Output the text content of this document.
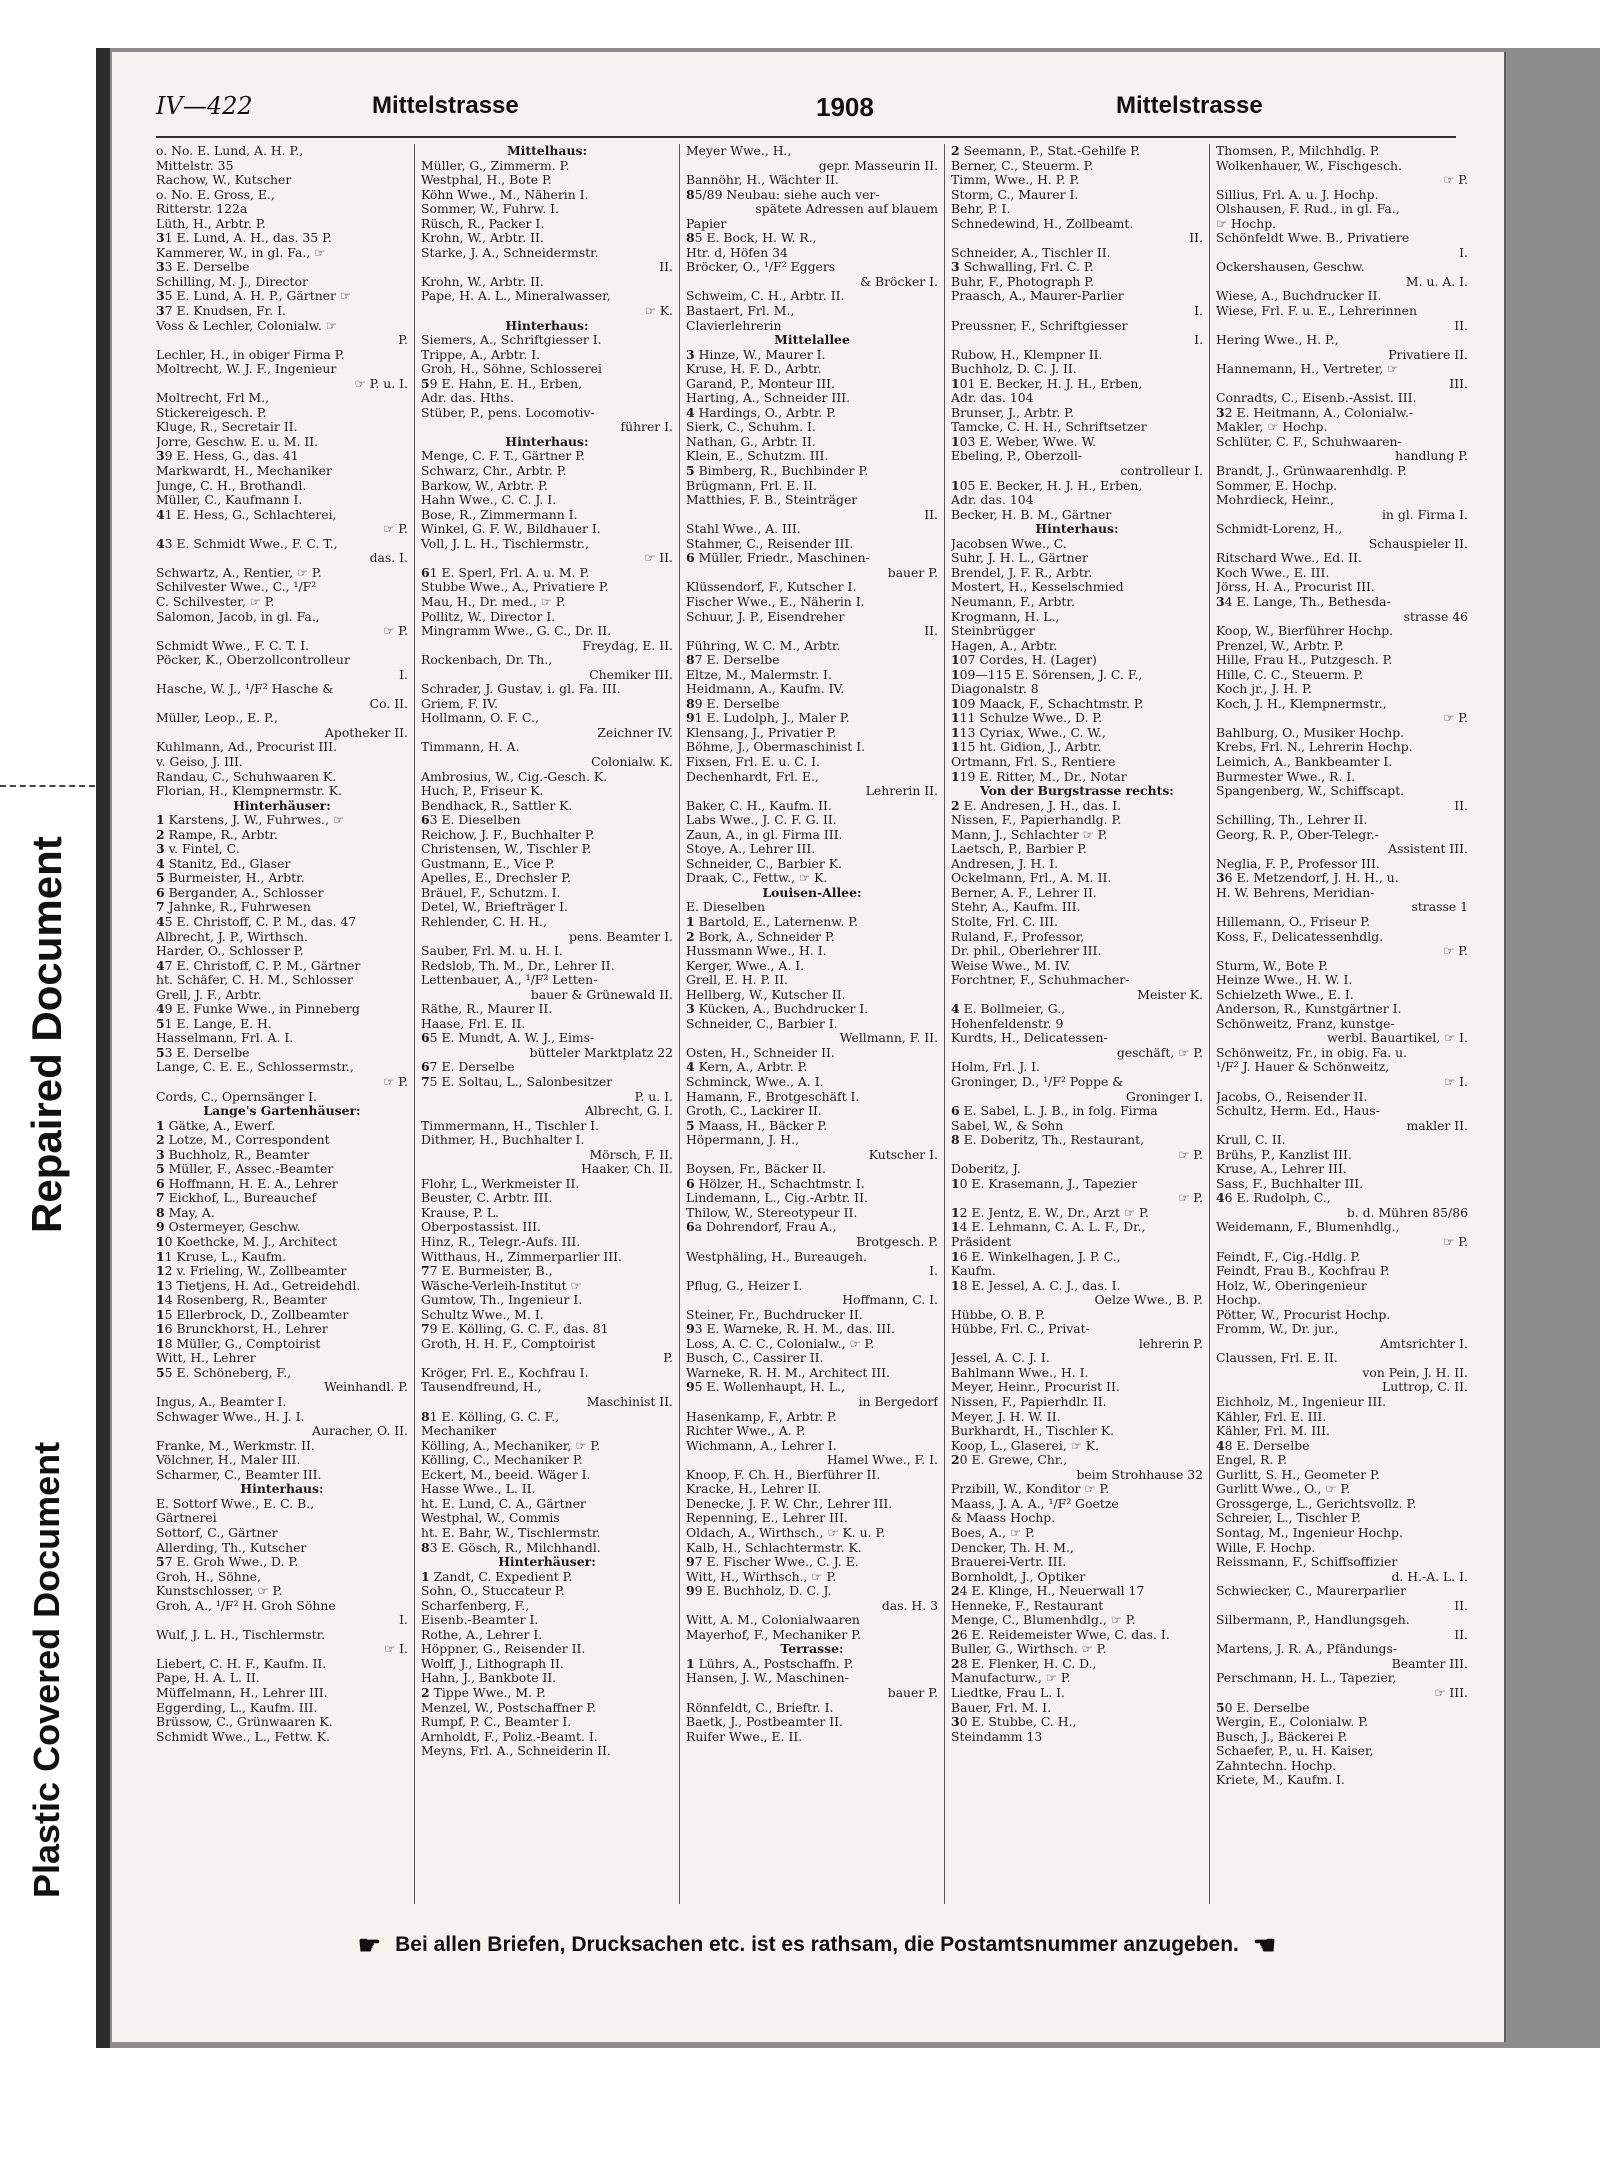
Repaired Document
Plastic Covered Document
IV—422	Mittelstrasse	1908	Mittelstrasse
o. No. E. Lund, A. H. P.,
Mittelstr. 35
Rachow, W., Kutscher
o. No. E. Gross, E.,
Ritterstr. 122a
Lüth, H., Arbtr. P.
31 E. Lund, A. H., das. 35 P.
Kammerer, W., in gl. Fa., ☞
33 E. Derselbe
Schilling, M. J., Director
35 E. Lund, A. H. P., Gärtner ☞
37 E. Knudsen, Fr. I.
Voss & Lechler, Colonialw. ☞
P.
Lechler, H., in obiger Firma P.
Moltrecht, W. J. F., Ingenieur
☞ P. u. I.
Moltrecht, Frl M.,
Stickereigesch. P.
Kluge, R., Secretair II.
Jorre, Geschw. E. u. M. II.
39 E. Hess, G., das. 41
Markwardt, H., Mechaniker
Junge, C. H., Brothandl.
Müller, C., Kaufmann I.
41 E. Hess, G., Schlachterei,
☞ P.
43 E. Schmidt Wwe., F. C. T.,
das. I.
Schwartz, A., Rentier, ☞ P.
Schilvester Wwe., C., ¹/F²
C. Schilvester, ☞ P.
Salomon, Jacob, in gl. Fa.,
☞ P.
Schmidt Wwe., F. C. T. I.
Pöcker, K., Oberzollcontrolleur
I.
Hasche, W. J., ¹/F² Hasche &
Co. II.
Müller, Leop., E. P.,
Apotheker II.
Kuhlmann, Ad., Procurist III.
v. Geiso, J. III.
Randau, C., Schuhwaaren K.
Florian, H., Klempnermstr. K.
Hinterhäuser:
1 Karstens, J. W., Fuhrwes., ☞
2 Rampe, R., Arbtr.
3 v. Fintel, C.
4 Stanitz, Ed., Glaser
5 Burmeister, H., Arbtr.
6 Bergander, A., Schlosser
7 Jahnke, R., Fuhrwesen
45 E. Christoff, C. P. M., das. 47
Albrecht, J. P., Wirthsch.
Harder, O., Schlosser P.
47 E. Christoff, C. P. M., Gärtner
ht. Schäfer, C. H. M., Schlosser
Grell, J. F., Arbtr.
49 E. Funke Wwe., in Pinneberg
51 E. Lange, E. H.
Hasselmann, Frl. A. I.
53 E. Derselbe
Lange, C. E. E., Schlossermstr.,
☞ P.
Cords, C., Opernsänger I.
Lange's Gartenhäuser:
1 Gätke, A., Ewerf.
2 Lotze, M., Correspondent
3 Buchholz, R., Beamter
5 Müller, F., Assec.-Beamter
6 Hoffmann, H. E. A., Lehrer
7 Eickhof, L., Bureauchef
8 May, A.
9 Ostermeyer, Geschw.
10 Koethcke, M. J., Architect
11 Kruse, L., Kaufm.
12 v. Frieling, W., Zollbeamter
13 Tietjens, H. Ad., Getreidehdl.
14 Rosenberg, R., Beamter
15 Ellerbrock, D., Zollbeamter
16 Brunckhorst, H., Lehrer
18 Müller, G., Comptoirist
Witt, H., Lehrer
55 E. Schöneberg, F.,
Weinhandl. P.
Ingus, A., Beamter I.
Schwager Wwe., H. J. I.
Auracher, O. II.
Franke, M., Werkmstr. II.
Völchner, H., Maler III.
Scharmer, C., Beamter III.
Hinterhaus:
E. Sottorf Wwe., E. C. B.,
Gärtnerei
Sottorf, C., Gärtner
Allerding, Th., Kutscher
57 E. Groh Wwe., D. P.
Groh, H., Söhne,
Kunstschlosser, ☞ P.
Groh, A., ¹/F² H. Groh Söhne
I.
Wulf, J. L. H., Tischlermstr.
☞ I.
Liebert, C. H. F., Kaufm. II.
Pape, H. A. L. II.
Müffelmann, H., Lehrer III.
Eggerding, L., Kaufm. III.
Brüssow, C., Grünwaaren K.
Schmidt Wwe., L., Fettw. K.
Mittelhaus:
Müller, G., Zimmerm. P.
Westphal, H., Bote P.
Köhn Wwe., M., Näherin I.
Sommer, W., Fuhrw. I.
Rüsch, R., Packer I.
Krohn, W., Arbtr. II.
Starke, J. A., Schneidermstr.
II.
Krohn, W., Arbtr. II.
Pape, H. A. L., Mineralwasser,
☞ K.
Hinterhaus:
Siemers, A., Schriftgiesser I.
Trippe, A., Arbtr. I.
Groh, H., Söhne, Schlosserei
59 E. Hahn, E. H., Erben,
Adr. das. Hths.
Stüber, P., pens. Locomotiv-
führer I.
Hinterhaus:
Menge, C. F. T., Gärtner P.
Schwarz, Chr., Arbtr. P.
Barkow, W., Arbtr. P.
Hahn Wwe., C. C. J. I.
Bose, R., Zimmermann I.
Winkel, G. F. W., Bildhauer I.
Voll, J. L. H., Tischlermstr.,
☞ II.
61 E. Sperl, Frl. A. u. M. P.
Stubbe Wwe., A., Privatiere P.
Mau, H., Dr. med., ☞ P.
Pollitz, W., Director I.
Mingramm Wwe., G. C., Dr. II.
Freydag, E. II.
Rockenbach, Dr. Th.,
Chemiker III.
Schrader, J. Gustav, i. gl. Fa. III.
Griem, F. IV.
Hollmann, O. F. C.,
Zeichner IV.
Timmann, H. A.
Colonialw. K.
Ambrosius, W., Cig.-Gesch. K.
Huch, P., Friseur K.
Bendhack, R., Sattler K.
63 E. Dieselben
Reichow, J. F., Buchhalter P.
Christensen, W., Tischler P.
Gustmann, E., Vice P.
Apelles, E., Drechsler P.
Bräuel, F., Schutzm. I.
Detel, W., Briefträger I.
Rehlender, C. H. H.,
pens. Beamter I.
Sauber, Frl. M. u. H. I.
Redslob, Th. M., Dr., Lehrer II.
Lettenbauer, A., ¹/F² Letten-
bauer & Grünewald II.
Räthe, R., Maurer II.
Haase, Frl. E. II.
65 E. Mundt, A. W. J., Eims-
bütteler Marktplatz 22
67 E. Derselbe
75 E. Soltau, L., Salonbesitzer
P. u. I.
Albrecht, G. I.
Timmermann, H., Tischler I.
Dithmer, H., Buchhalter I.
Mörsch, F. II.
Haaker, Ch. II.
Flohr, L., Werkmeister II.
Beuster, C. Arbtr. III.
Krause, P. L.
Oberpostassist. III.
Hinz, R., Telegr.-Aufs. III.
Witthaus, H., Zimmerparlier III.
77 E. Burmeister, B.,
Wäsche-Verleih-Institut ☞
Gumtow, Th., Ingenieur I.
Schultz Wwe., M. I.
79 E. Kölling, G. C. F., das. 81
Groth, H. H. F., Comptoirist
P.
Kröger, Frl. E., Kochfrau I.
Tausendfreund, H.,
Maschinist II.
81 E. Kölling, G. C. F.,
Mechaniker
Kölling, A., Mechaniker, ☞ P.
Kölling, C., Mechaniker P.
Eckert, M., beeid. Wäger I.
Hasse Wwe., L. II.
ht. E. Lund, C. A., Gärtner
Westphal, W., Commis
ht. E. Bahr, W., Tischlermstr.
83 E. Gösch, R., Milchhandl.
Hinterhäuser:
1 Zandt, C. Expedient P.
Sohn, O., Stuccateur P.
Scharfenberg, F.,
Eisenb.-Beamter I.
Rothe, A., Lehrer I.
Höppner, G., Reisender II.
Wolff, J., Lithograph II.
Hahn, J., Bankbote II.
2 Tippe Wwe., M. P.
Menzel, W., Postschaffner P.
Rumpf, P. C., Beamter I.
Arnholdt, F., Poliz.-Beamt. I.
Meyns, Frl. A., Schneiderin II.
Meyer Wwe., H.,
gepr. Masseurin II.
Bannöhr, H., Wächter II.
85/89 Neubau: siehe auch ver-
spätete Adressen auf blauem
Papier
85 E. Bock, H. W. R.,
Htr. d, Höfen 34
Bröcker, O., ¹/F² Eggers
& Bröcker I.
Schweim, C. H., Arbtr. II.
Bastaert, Frl. M.,
Clavierlehrerin
Mittelallee
3 Hinze, W., Maurer I.
Kruse, H. F. D., Arbtr.
Garand, P., Monteur III.
Harting, A., Schneider III.
4 Hardings, O., Arbtr. P.
Sierk, C., Schuhm. I.
Nathan, G., Arbtr. II.
Klein, E., Schutzm. III.
5 Bimberg, R., Buchbinder P.
Brügmann, Frl. E. II.
Matthies, F. B., Steinträger
II.
Stahl Wwe., A. III.
Stahmer, C., Reisender III.
6 Müller, Friedr., Maschinen-
bauer P.
Klüssendorf, F., Kutscher I.
Fischer Wwe., E., Näherin I.
Schuur, J. P., Eisendreher
II.
Führing, W. C. M., Arbtr.
87 E. Derselbe
Eltze, M., Malermstr. I.
Heidmann, A., Kaufm. IV.
89 E. Derselbe
91 E. Ludolph, J., Maler P.
Klensang, J., Privatier P.
Böhme, J., Obermaschinist I.
Fixsen, Frl. E. u. C. I.
Dechenhardt, Frl. E.,
Lehrerin II.
Baker, C. H., Kaufm. II.
Labs Wwe., J. C. F. G. II.
Zaun, A., in gl. Firma III.
Stoye, A., Lehrer III.
Schneider, C., Barbier K.
Draak, C., Fettw., ☞ K.
Louisen-Allee:
E. Dieselben
1 Bartold, E., Laternenw. P.
2 Bork, A., Schneider P.
Hussmann Wwe., H. I.
Kerger, Wwe., A. I.
Grell, E. H. P. II.
Hellberg, W., Kutscher II.
3 Kücken, A., Buchdrucker I.
Schneider, C., Barbier I.
Wellmann, F. II.
Osten, H., Schneider II.
4 Kern, A., Arbtr. P.
Schminck, Wwe., A. I.
Hamann, F., Brotgeschäft I.
Groth, C., Lackirer II.
5 Maass, H., Bäcker P.
Höpermann, J. H.,
Kutscher I.
Boysen, Fr., Bäcker II.
6 Hölzer, H., Schachtmstr. I.
Lindemann, L., Cig.-Arbtr. II.
Thilow, W., Stereotypeur II.
6a Dohrendorf, Frau A.,
Brotgesch. P.
Westphäling, H., Bureaugeh.
I.
Pflug, G., Heizer I.
Hoffmann, C. I.
Steiner, Fr., Buchdrucker II.
93 E. Warneke, R. H. M., das. III.
Loss, A. C. C., Colonialw., ☞ P.
Busch, C., Cassirer II.
Warneke, R. H. M., Architect III.
95 E. Wollenhaupt, H. L.,
in Bergedorf
Hasenkamp, F., Arbtr. P.
Richter Wwe., A. P.
Wichmann, A., Lehrer I.
Hamel Wwe., F. I.
Knoop, F. Ch. H., Bierführer II.
Kracke, H., Lehrer II.
Denecke, J. F. W. Chr., Lehrer III.
Repenning, E., Lehrer III.
Oldach, A., Wirthsch., ☞ K. u. P.
Kalb, H., Schlachtermstr. K.
97 E. Fischer Wwe., C. J. E.
Witt, H., Wirthsch., ☞ P.
99 E. Buchholz, D. C. J.
das. H. 3
Witt, A. M., Colonialwaaren
Mayerhof, F., Mechaniker P.
Terrasse:
1 Lührs, A., Postschaffn. P.
Hansen, J. W., Maschinen-
bauer P.
Rönnfeldt, C., Brieftr. I.
Baetk, J., Postbeamter II.
Ruifer Wwe., E. II.
2 Seemann, P., Stat.-Gehilfe P.
Berner, C., Steuerm. P.
Timm, Wwe., H. P. P.
Storm, C., Maurer I.
Behr, P. I.
Schnedewind, H., Zollbeamt.
II.
Schneider, A., Tischler II.
3 Schwalling, Frl. C. P.
Buhr, F., Photograph P.
Praasch, A., Maurer-Parlier
I.
Preussner, F., Schriftgiesser
I.
Rubow, H., Klempner II.
Buchholz, D. C. J. II.
101 E. Becker, H. J. H., Erben,
Adr. das. 104
Brunser, J., Arbtr. P.
Tamcke, C. H. H., Schriftsetzer
103 E. Weber, Wwe. W.
Ebeling, P., Oberzoll-
controlleur I.
105 E. Becker, H. J. H., Erben,
Adr. das. 104
Becker, H. B. M., Gärtner
Hinterhaus:
Jacobsen Wwe., C.
Suhr, J. H. L., Gärtner
Brendel, J. F. R., Arbtr.
Mostert, H., Kesselschmied
Neumann, F., Arbtr.
Krogmann, H. L.,
Steinbrügger
Hagen, A., Arbtr.
107 Cordes, H. (Lager)
109—115 E. Sörensen, J. C. F.,
Diagonalstr. 8
109 Maack, F., Schachtmstr. P.
111 Schulze Wwe., D. P.
113 Cyriax, Wwe., C. W.,
115 ht. Gidion, J., Arbtr.
Ortmann, Frl. S., Rentiere
119 E. Ritter, M., Dr., Notar
Von der Burgstrasse rechts:
2 E. Andresen, J. H., das. I.
Nissen, F., Papierhandlg. P.
Mann, J., Schlachter ☞ P.
Laetsch, P., Barbier P.
Andresen, J. H. I.
Ockelmann, Frl., A. M. II.
Berner, A. F., Lehrer II.
Stehr, A., Kaufm. III.
Stolte, Frl. C. III.
Ruland, F., Professor,
Dr. phil., Oberlehrer III.
Weise Wwe., M. IV.
Forchtner, F., Schuhmacher-
Meister K.
4 E. Bollmeier, G.,
Hohenfeldenstr. 9
Kurdts, H., Delicatessen-
geschäft, ☞ P.
Holm, Frl. J. I.
Groninger, D., ¹/F² Poppe &
Groninger I.
6 E. Sabel, L. J. B., in folg. Firma
Sabel, W., & Sohn
8 E. Doberitz, Th., Restaurant,
☞ P.
Doberitz, J.
10 E. Krasemann, J., Tapezier
☞ P.
12 E. Jentz, E. W., Dr., Arzt ☞ P.
14 E. Lehmann, C. A. L. F., Dr.,
Präsident
16 E. Winkelhagen, J. P. C.,
Kaufm.
18 E. Jessel, A. C. J., das. I.
Oelze Wwe., B. P.
Hübbe, O. B. P.
Hübbe, Frl. C., Privat-
lehrerin P.
Jessel, A. C. J. I.
Bahlmann Wwe., H. I.
Meyer, Heinr., Procurist II.
Nissen, F., Papierhdlr. II.
Meyer, J. H. W. II.
Burkhardt, H., Tischler K.
Koop, L., Glaserei, ☞ K.
20 E. Grewe, Chr.,
beim Strohhause 32
Przibill, W., Konditor ☞ P.
Maass, J. A. A., ¹/F² Goetze
& Maass Hochp.
Boes, A., ☞ P.
Dencker, Th. H. M.,
Brauerei-Vertr. III.
Bornholdt, J., Optiker
24 E. Klinge, H., Neuerwall 17
Henneke, F., Restaurant
Menge, C., Blumenhdlg., ☞ P.
26 E. Reidemeister Wwe, C. das. I.
Buller, G., Wirthsch. ☞ P.
28 E. Flenker, H. C. D.,
Manufacturw., ☞ P.
Liedtke, Frau L. I.
Bauer, Frl. M. I.
30 E. Stubbe, C. H.,
Steindamm 13
Thomsen, P., Milchhdlg. P.
Wolkenhauer, W., Fischgesch.
☞ P.
Sillius, Frl. A. u. J. Hochp.
Olshausen, F. Rud., in gl. Fa.,
☞ Hochp.
Schönfeldt Wwe. B., Privatiere
I.
Ockershausen, Geschw.
M. u. A. I.
Wiese, A., Buchdrucker II.
Wiese, Frl. F. u. E., Lehrerinnen
II.
Hering Wwe., H. P.,
Privatiere II.
Hannemann, H., Vertreter, ☞
III.
Conradts, C., Eisenb.-Assist. III.
32 E. Heitmann, A., Colonialw.-
Makler, ☞ Hochp.
Schlüter, C. F., Schuhwaaren-
handlung P.
Brandt, J., Grünwaarenhdlg. P.
Sommer, E. Hochp.
Mohrdieck, Heinr.,
in gl. Firma I.
Schmidt-Lorenz, H.,
Schauspieler II.
Ritschard Wwe., Ed. II.
Koch Wwe., E. III.
Jörss, H. A., Procurist III.
34 E. Lange, Th., Bethesda-
strasse 46
Koop, W., Bierführer Hochp.
Prenzel, W., Arbtr. P.
Hille, Frau H., Putzgesch. P.
Hille, C. C., Steuerm. P.
Koch jr., J. H. P.
Koch, J. H., Klempnermstr.,
☞ P.
Bahlburg, O., Musiker Hochp.
Krebs, Frl. N., Lehrerin Hochp.
Leimich, A., Bankbeamter I.
Burmester Wwe., R. I.
Spangenberg, W., Schiffscapt.
II.
Schilling, Th., Lehrer II.
Georg, R. P., Ober-Telegr.-
Assistent III.
Neglia, F. P., Professor III.
36 E. Metzendorf, J. H. H., u.
H. W. Behrens, Meridian-
strasse 1
Hillemann, O., Friseur P.
Koss, F., Delicatessenhdlg.
☞ P.
Sturm, W., Bote P.
Heinze Wwe., H. W. I.
Schielzeth Wwe., E. I.
Anderson, R., Kunstgärtner I.
Schönweitz, Franz, kunstge-
werbl. Bauartikel, ☞ I.
Schönweitz, Fr., in obig. Fa. u.
¹/F² J. Hauer & Schönweitz,
☞ I.
Jacobs, O., Reisender II.
Schultz, Herm. Ed., Haus-
makler II.
Krull, C. II.
Brühs, P., Kanzlist III.
Kruse, A., Lehrer III.
Sass, F., Buchhalter III.
46 E. Rudolph, C.,
b. d. Mühren 85/86
Weidemann, F., Blumenhdlg.,
☞ P.
Feindt, F., Cig.-Hdlg. P.
Feindt, Frau B., Kochfrau P.
Holz, W., Oberingenieur
Hochp.
Pötter, W., Procurist Hochp.
Fromm, W., Dr. jur.,
Amtsrichter I.
Claussen, Frl. E. II.
von Pein, J. H. II.
Luttrop, C. II.
Eichholz, M., Ingenieur III.
Kähler, Frl. E. III.
Kähler, Frl. M. III.
48 E. Derselbe
Engel, R. P.
Gurlitt, S. H., Geometer P.
Gurlitt Wwe., O., ☞ P.
Grossgerge, L., Gerichtsvollz. P.
Schreier, L., Tischler P.
Sontag, M., Ingenieur Hochp.
Wille, F. Hochp.
Reissmann, F., Schiffsoffizier
d. H.-A. L. I.
Schwiecker, C., Maurerparlier
II.
Silbermann, P., Handlungsgeh.
II.
Martens, J. R. A., Pfändungs-
Beamter III.
Perschmann, H. L., Tapezier,
☞ III.
50 E. Derselbe
Wergin, E., Colonialw. P.
Busch, J., Bäckerei P.
Schaefer, P., u. H. Kaiser,
Zahntechn. Hochp.
Kriete, M., Kaufm. I.
☛ Bei allen Briefen, Drucksachen etc. ist es rathsam, die Postamtsnummer anzugeben. ☚
